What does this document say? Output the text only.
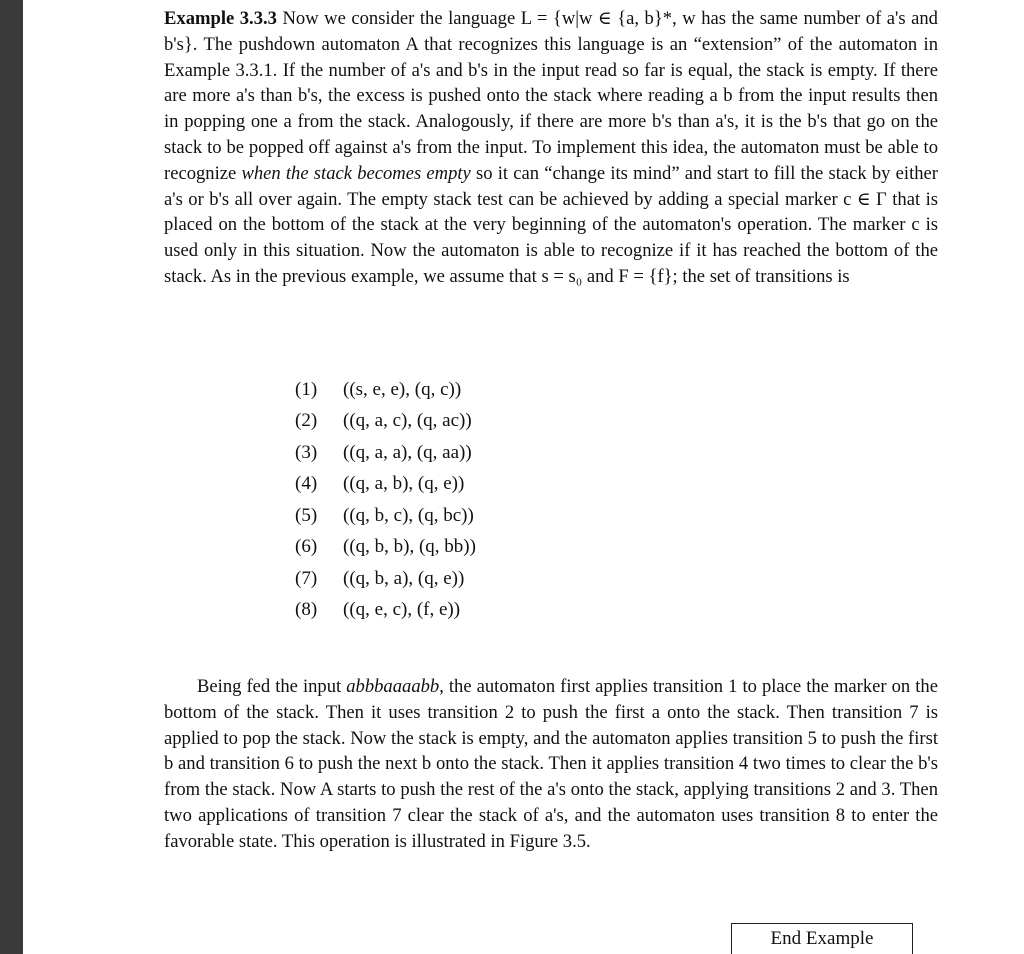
Example 3.3.3 Now we consider the language L = {w|w ∈ {a, b}*, w has the same number of a's and b's}. The pushdown automaton A that recognizes this language is an “extension” of the automaton in Example 3.3.1. If the number of a's and b's in the input read so far is equal, the stack is empty. If there are more a's than b's, the excess is pushed onto the stack where reading a b from the input results then in popping one a from the stack. Analogously, if there are more b's than a's, it is the b's that go on the stack to be popped off against a's from the input. To implement this idea, the automaton must be able to recognize when the stack becomes empty so it can “change its mind” and start to fill the stack by either a's or b's all over again. The empty stack test can be achieved by adding a special marker c ∈ Γ that is placed on the bottom of the stack at the very beginning of the automaton's operation. The marker c is used only in this situation. Now the automaton is able to recognize if it has reached the bottom of the stack. As in the previous example, we assume that s = s₀ and F = {f}; the set of transitions is

(1)	((s, e, e), (q, c))
(2)	((q, a, c), (q, ac))
(3)	((q, a, a), (q, aa))
(4)	((q, a, b), (q, e))
(5)	((q, b, c), (q, bc))
(6)	((q, b, b), (q, bb))
(7)	((q, b, a), (q, e))
(8)	((q, e, c), (f, e))

Being fed the input abbbaaaabb, the automaton first applies transition 1 to place the marker on the bottom of the stack. Then it uses transition 2 to push the first a onto the stack. Then transition 7 is applied to pop the stack. Now the stack is empty, and the automaton applies transition 5 to push the first b and transition 6 to push the next b onto the stack. Then it applies transition 4 two times to clear the b's from the stack. Now A starts to push the rest of the a's onto the stack, applying transitions 2 and 3. Then two applications of transition 7 clear the stack of a's, and the automaton uses transition 8 to enter the favorable state. This operation is illustrated in Figure 3.5.

End Example
